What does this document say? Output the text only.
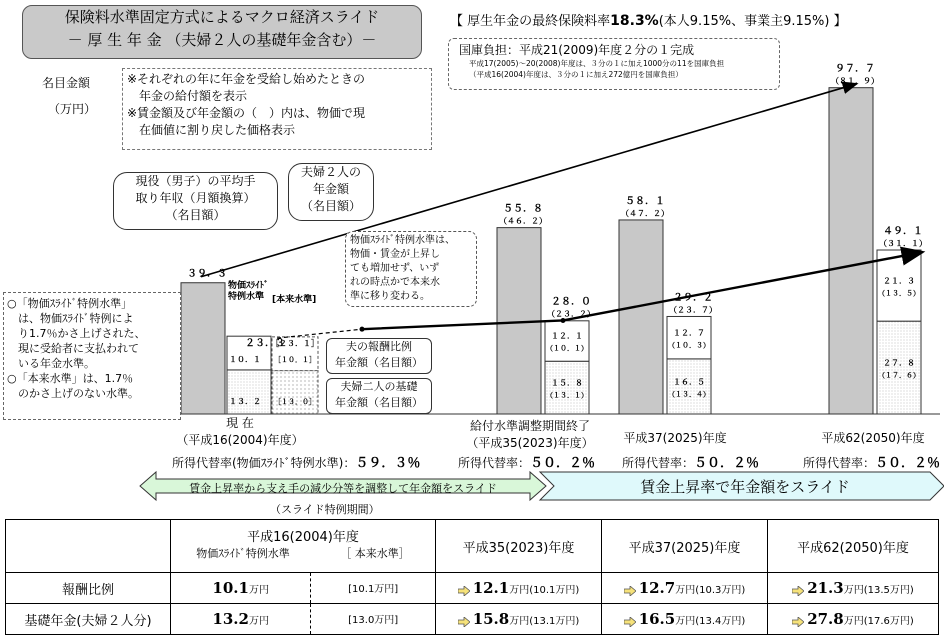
保険料水準固定方式によるマクロ経済スライド
－ 厚 生 年 金 （夫婦２人の基礎年金含む）－
【 厚生年金の最終保険料率18.3%(本人9.15%、事業主9.15%) 】
国庫負担：平成21(2009)年度２分の１完成
平成17(2005)～20(2008)年度は、３分の１に加え1000分の11を国庫負担
（平成16(2004)年度は、３分の１に加え272億円を国庫負担）
名目金額
（万円）
※それぞれの年に年金を受給し始めたときの
　年金の給付額を表示
※賃金額及び年金額の（　）内は、物価で現
　在価値に割り戻した価格表示
３９．３
２３．３
［２３．１］
１０．１ ［１０．１］
１３．２ ［１３．０］
５５．８
（４６．２）
２８．０
（２３．２）
１２．１
（１０．１）
１５．８
（１３．１）
５８．１
（４７．２）
２９．２
（２３．７）
１２．７
（１０．３）
１６．５
（１３．４）
９７．７
（８１．９）
４９．１
（３１．１）
２１．３
（１３．５）
２７．８
（１７．６）
現役（男子）の平均手
取り年収（月額換算）
（名目額）
夫婦２人の
年金額
（名目額）
物価ｽﾗｲﾄﾞ特例水準は、
物価・賃金が上昇し
ても増加せず、いず
れの時点かで本来水
準に移り変わる。
夫の報酬比例
年金額（名目額）
夫婦二人の基礎
年金額（名目額）
物価ｽﾗｲﾄﾞ
特例水準 [本来水準]
○「物価ｽﾗｲﾄﾞ特例水準」
　は、物価ｽﾗｲﾄﾞ特例によ
　り1.7％かさ上げされた、
　現に受給者に支払われて
　いる年金水準。
○「本来水準」は、1.7％
　のかさ上げのない水準。
現 在
（平成16(2004)年度）
給付水準調整期間終了
（平成35(2023)年度）	平成37(2025)年度	平成62(2050)年度
所得代替率(物価ｽﾗｲﾄﾞ特例水準)：５９．３％	所得代替率：５０．２％ 所得代替率：５０．２％	所得代替率：５０．２％
賃金上昇率から支え手の減少分等を調整して年金額をスライド
（スライド特例期間）
賃金上昇率で年金額をスライド

	平成16(2004)年度
物価ｽﾗｲﾄﾞ特例水準 ［ 本来水準］		平成35(2023)年度	平成37(2025)年度	平成62(2050)年度
報酬比例	10.1万円	[10.1万円]	12.1万円(10.1万円)	12.7万円(10.3万円)	21.3万円(13.5万円)
基礎年金(夫婦２人分)	13.2万円	[13.0万円]	15.8万円(13.1万円)	16.5万円(13.4万円)	27.8万円(17.6万円)
